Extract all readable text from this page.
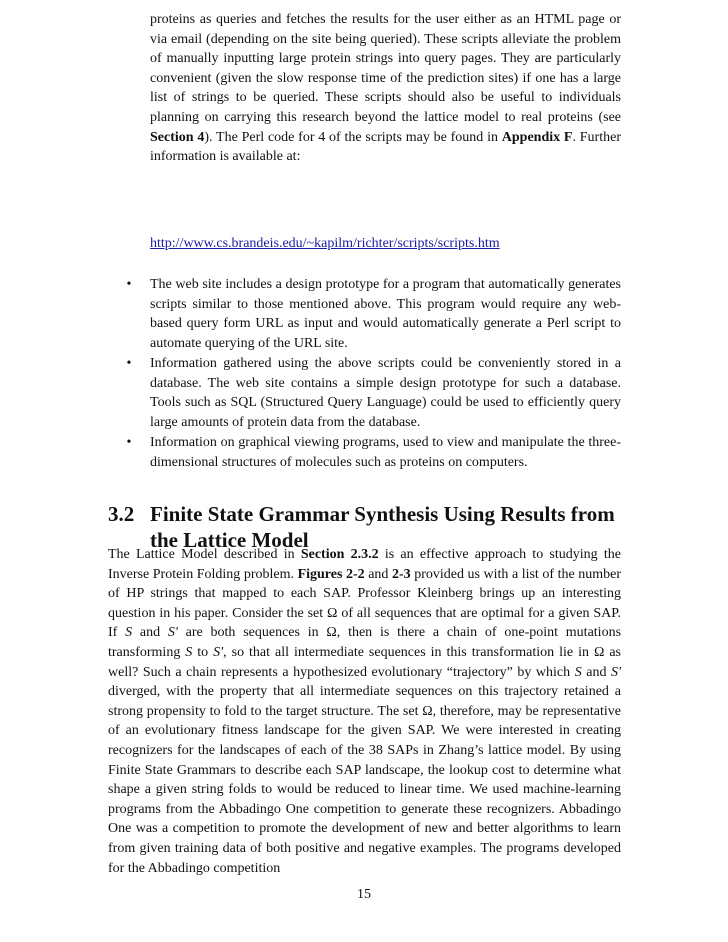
proteins as queries and fetches the results for the user either as an HTML page or via email (depending on the site being queried). These scripts alleviate the problem of manually inputting large protein strings into query pages. They are particularly convenient (given the slow response time of the prediction sites) if one has a large list of strings to be queried. These scripts should also be useful to individuals planning on carrying this research beyond the lattice model to real proteins (see Section 4). The Perl code for 4 of the scripts may be found in Appendix F. Further information is available at:

http://www.cs.brandeis.edu/~kapilm/richter/scripts/scripts.htm
•	The web site includes a design prototype for a program that automatically generates scripts similar to those mentioned above. This program would require any web-based query form URL as input and would automatically generate a Perl script to automate querying of the URL site.

•	Information gathered using the above scripts could be conveniently stored in a database. The web site contains a simple design prototype for such a database. Tools such as SQL (Structured Query Language) could be used to efficiently query large amounts of protein data from the database.

•	Information on graphical viewing programs, used to view and manipulate the three-dimensional structures of molecules such as proteins on computers.

3.2 Finite State Grammar Synthesis Using Results from the Lattice Model

The Lattice Model described in Section 2.3.2 is an effective approach to studying the Inverse Protein Folding problem. Figures 2-2 and 2-3 provided us with a list of the number of HP strings that mapped to each SAP. Professor Kleinberg brings up an interesting question in his paper. Consider the set Ω of all sequences that are optimal for a given SAP. If S and S' are both sequences in Ω, then is there a chain of one-point mutations transforming S to S', so that all intermediate sequences in this transformation lie in Ω as well? Such a chain represents a hypothesized evolutionary “trajectory” by which S and S' diverged, with the property that all intermediate sequences on this trajectory retained a strong propensity to fold to the target structure. The set Ω, therefore, may be representative of an evolutionary fitness landscape for the given SAP. We were interested in creating recognizers for the landscapes of each of the 38 SAPs in Zhang’s lattice model. By using Finite State Grammars to describe each SAP landscape, the lookup cost to determine what shape a given string folds to would be reduced to linear time. We used machine-learning programs from the Abbadingo One competition to generate these recognizers. Abbadingo One was a competition to promote the development of new and better algorithms to learn from given training data of both positive and negative examples. The programs developed for the Abbadingo competition

15
